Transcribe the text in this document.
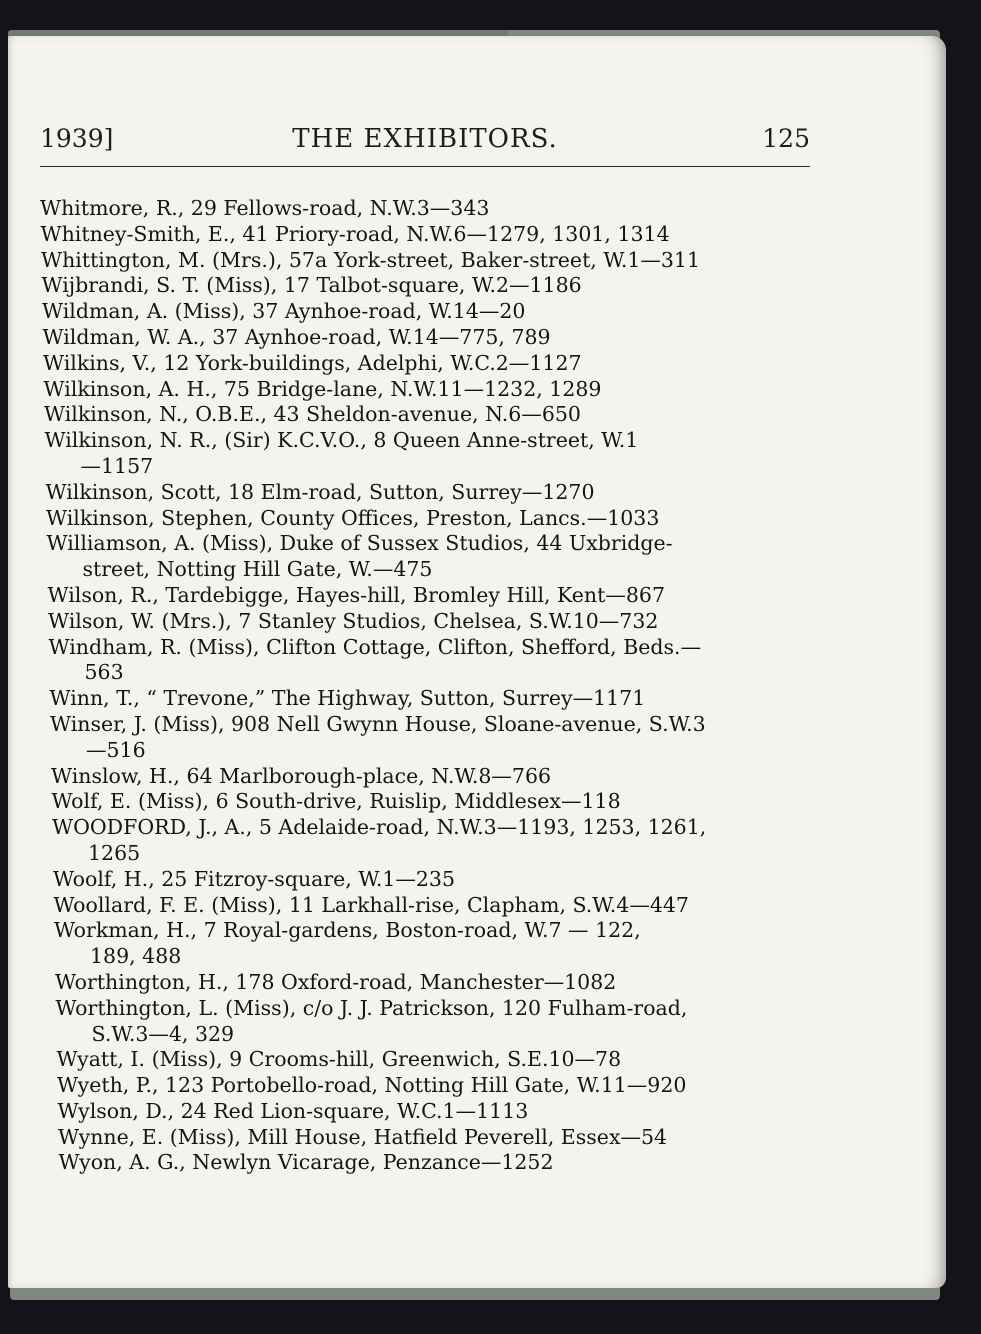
1939]	THE EXHIBITORS.	125
Whitmore, R., 29 Fellows-road, N.W.3—343
Whitney-Smith, E., 41 Priory-road, N.W.6—1279, 1301, 1314
Whittington, M. (Mrs.), 57a York-street, Baker-street, W.1—311
Wijbrandi, S. T. (Miss), 17 Talbot-square, W.2—1186
Wildman, A. (Miss), 37 Aynhoe-road, W.14—20
Wildman, W. A., 37 Aynhoe-road, W.14—775, 789
Wilkins, V., 12 York-buildings, Adelphi, W.C.2—1127
Wilkinson, A. H., 75 Bridge-lane, N.W.11—1232, 1289
Wilkinson, N., O.B.E., 43 Sheldon-avenue, N.6—650
Wilkinson, N. R., (Sir) K.C.V.O., 8 Queen Anne-street, W.1
—1157
Wilkinson, Scott, 18 Elm-road, Sutton, Surrey—1270
Wilkinson, Stephen, County Offices, Preston, Lancs.—1033
Williamson, A. (Miss), Duke of Sussex Studios, 44 Uxbridge-
street, Notting Hill Gate, W.—475
Wilson, R., Tardebigge, Hayes-hill, Bromley Hill, Kent—867
Wilson, W. (Mrs.), 7 Stanley Studios, Chelsea, S.W.10—732
Windham, R. (Miss), Clifton Cottage, Clifton, Shefford, Beds.—
563
Winn, T., “ Trevone,” The Highway, Sutton, Surrey—1171
Winser, J. (Miss), 908 Nell Gwynn House, Sloane-avenue, S.W.3
—516
Winslow, H., 64 Marlborough-place, N.W.8—766
Wolf, E. (Miss), 6 South-drive, Ruislip, Middlesex—118
WOODFORD, J., A., 5 Adelaide-road, N.W.3—1193, 1253, 1261,
1265
Woolf, H., 25 Fitzroy-square, W.1—235
Woollard, F. E. (Miss), 11 Larkhall-rise, Clapham, S.W.4—447
Workman, H., 7 Royal-gardens, Boston-road, W.7 — 122,
189, 488
Worthington, H., 178 Oxford-road, Manchester—1082
Worthington, L. (Miss), c/o J. J. Patrickson, 120 Fulham-road,
S.W.3—4, 329
Wyatt, I. (Miss), 9 Crooms-hill, Greenwich, S.E.10—78
Wyeth, P., 123 Portobello-road, Notting Hill Gate, W.11—920
Wylson, D., 24 Red Lion-square, W.C.1—1113
Wynne, E. (Miss), Mill House, Hatfield Peverell, Essex—54
Wyon, A. G., Newlyn Vicarage, Penzance—1252
